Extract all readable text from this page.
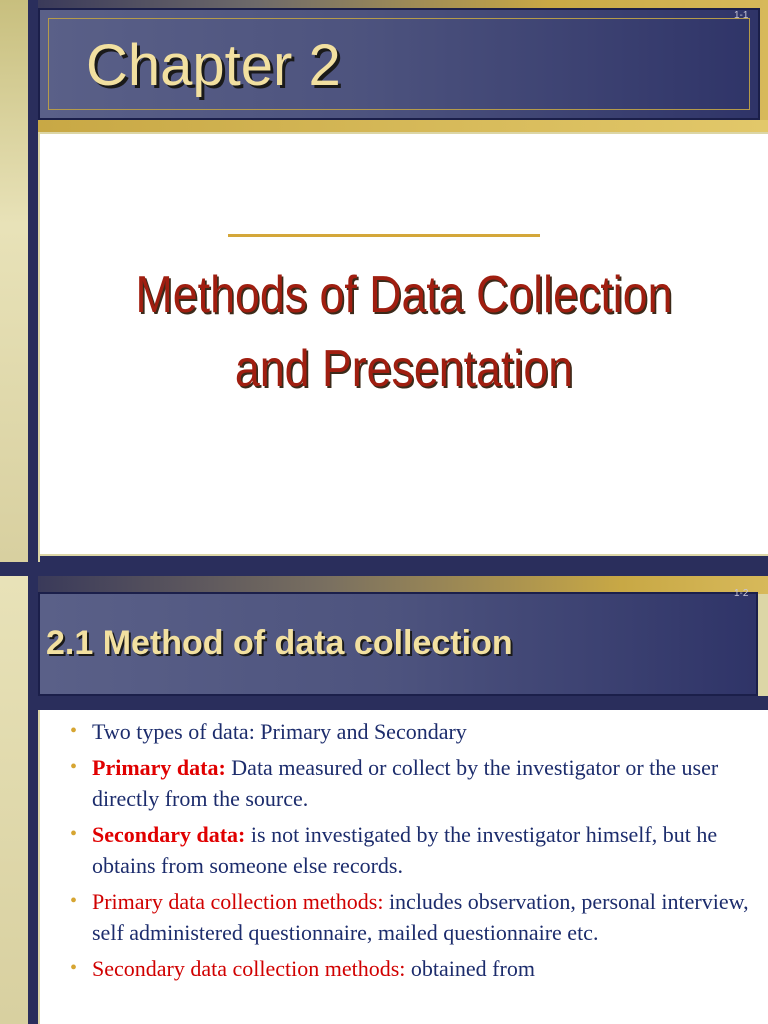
1-1
Chapter 2
Methods of Data Collection
and Presentation
1-2
2.1 Method of data collection
• Two types of data: Primary and Secondary
• Primary data: Data measured or collect by the investigator or the user directly from the source.
• Secondary data: is not investigated by the investigator himself, but he obtains from someone else records.
• Primary data collection methods: includes observation, personal interview, self administered questionnaire, mailed questionnaire etc.
• Secondary data collection methods: obtained from
